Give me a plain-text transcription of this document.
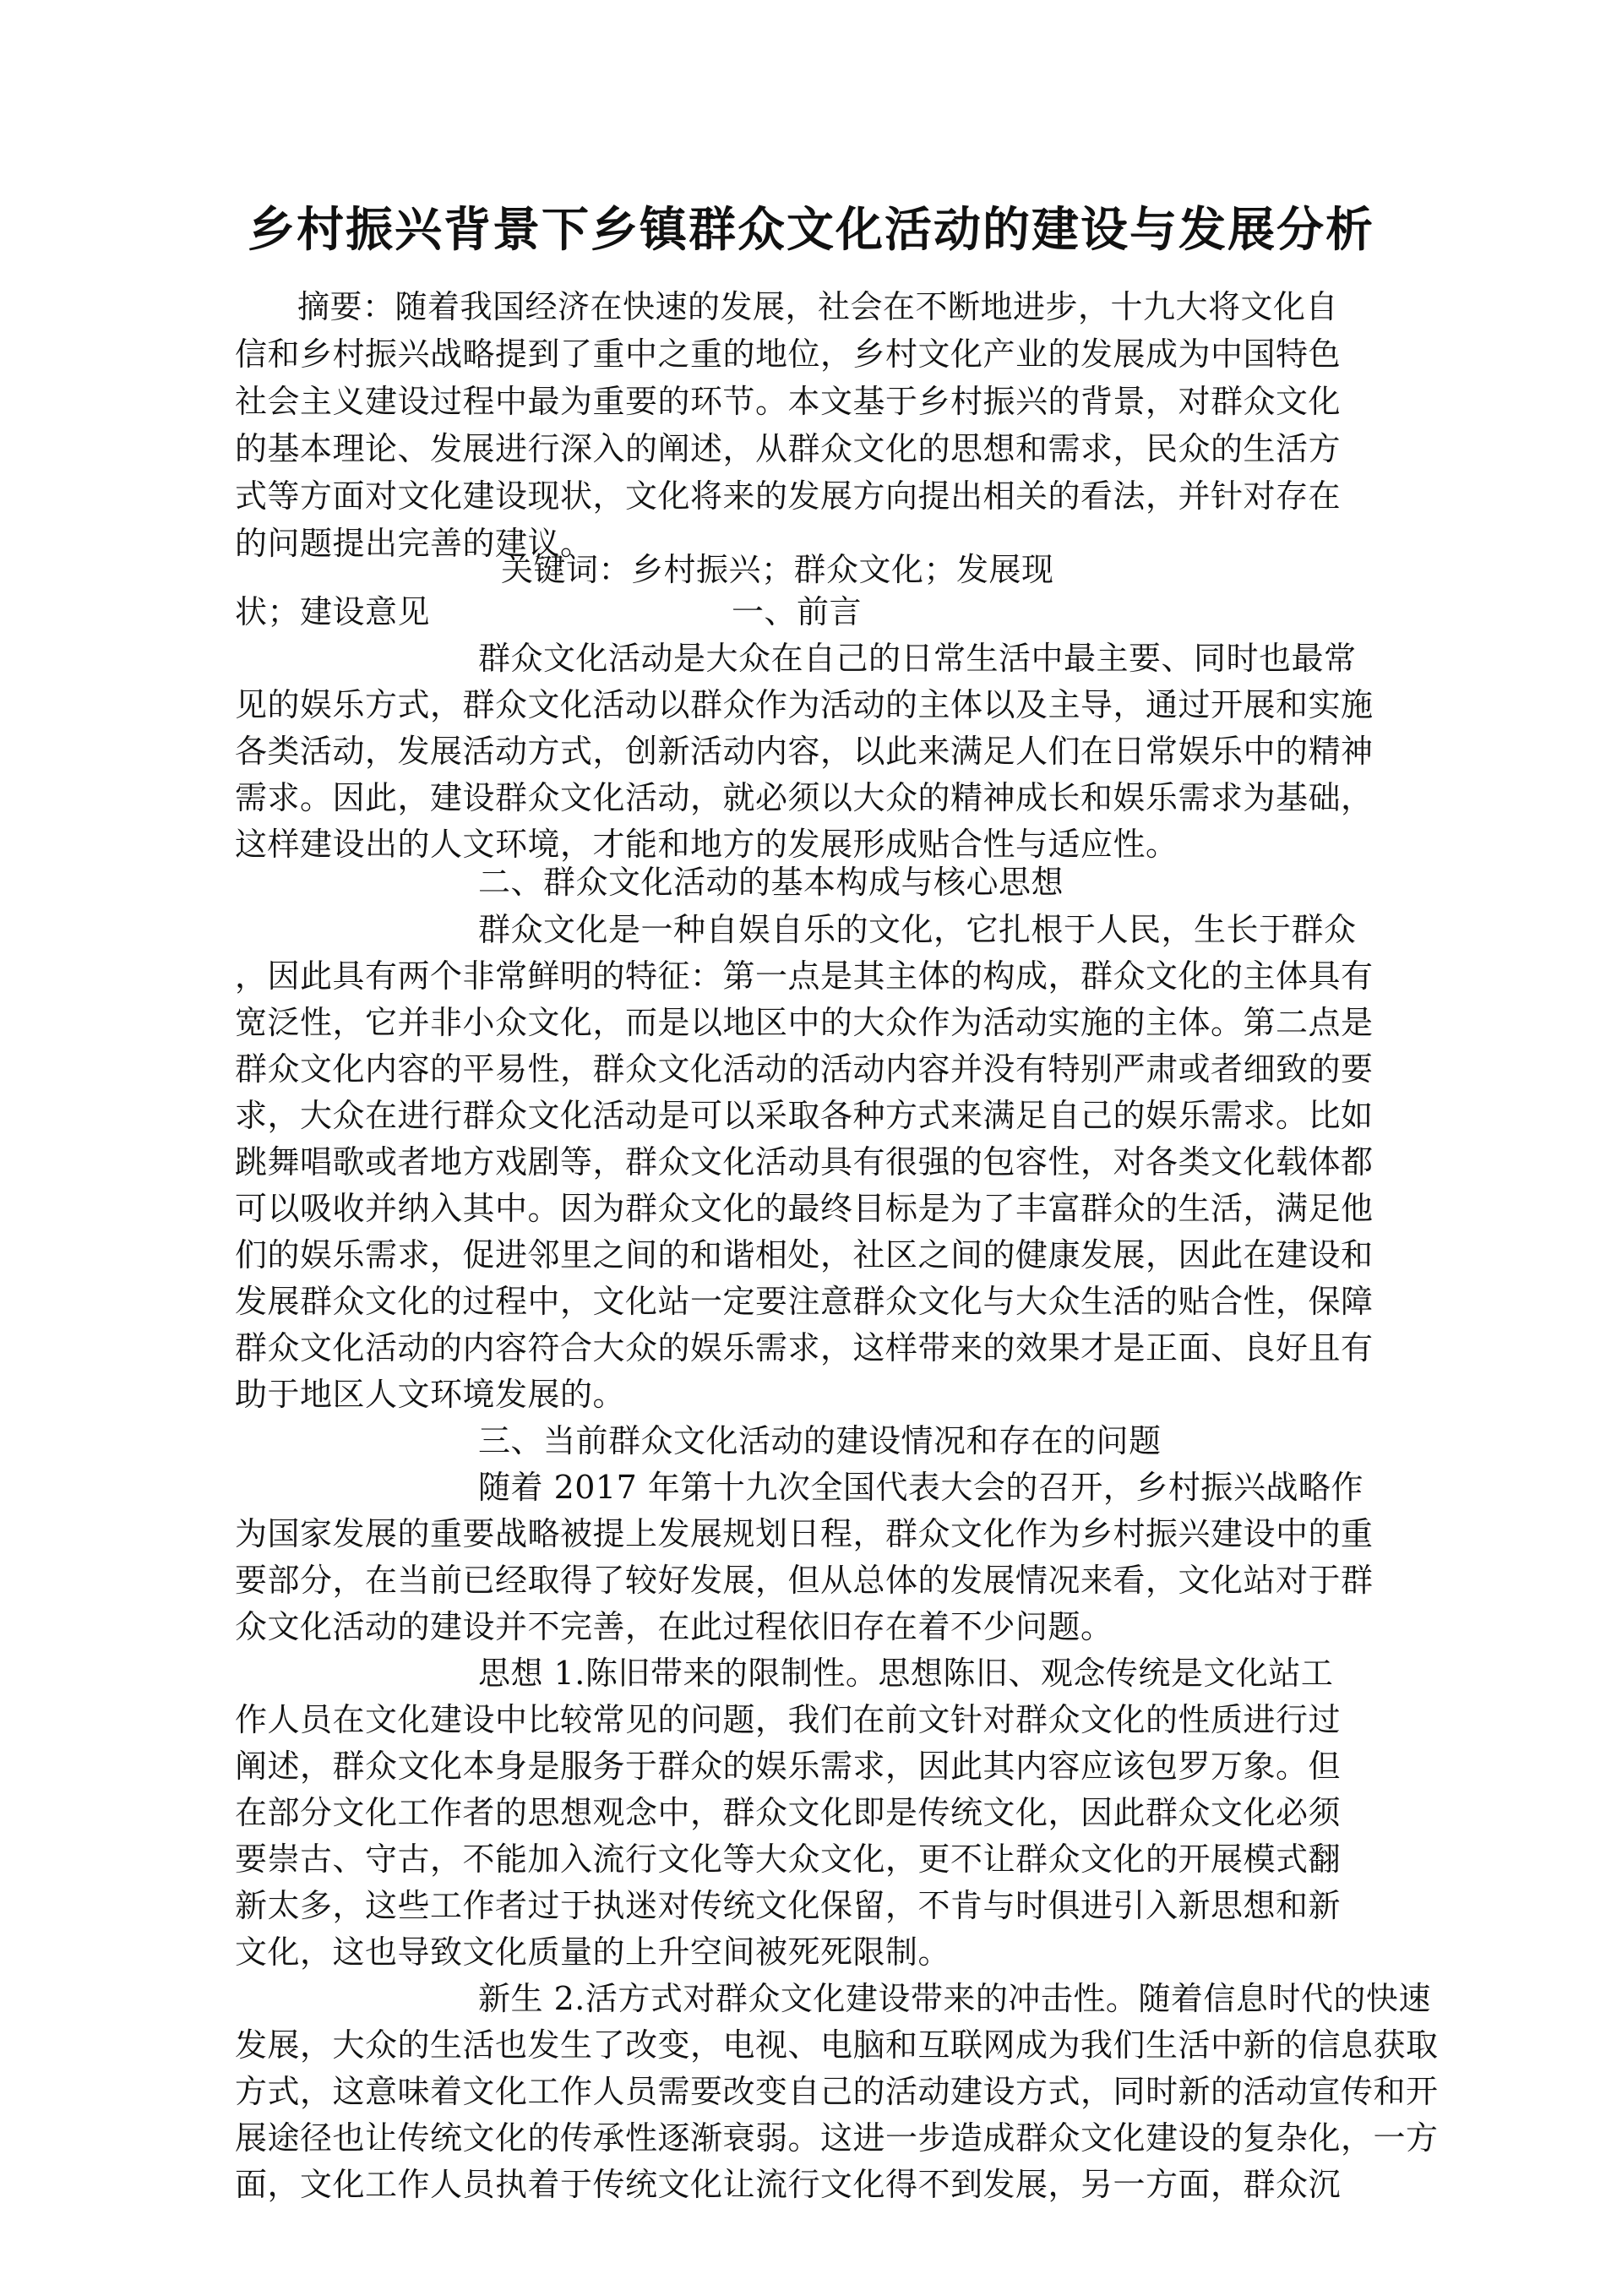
乡村振兴背景下乡镇群众文化活动的建设与发展分析
摘要：随着我国经济在快速的发展，社会在不断地进步，十九大将文化自
信和乡村振兴战略提到了重中之重的地位，乡村文化产业的发展成为中国特色
社会主义建设过程中最为重要的环节。本文基于乡村振兴的背景，对群众文化
的基本理论、发展进行深入的阐述，从群众文化的思想和需求，民众的生活方
式等方面对文化建设现状，文化将来的发展方向提出相关的看法，并针对存在
的问题提出完善的建议。
关键词：乡村振兴；群众文化；发展现
状；建设意见	一、前言
群众文化活动是大众在自己的日常生活中最主要、同时也最常
见的娱乐方式，群众文化活动以群众作为活动的主体以及主导，通过开展和实施
各类活动，发展活动方式，创新活动内容，以此来满足人们在日常娱乐中的精神
需求。因此，建设群众文化活动，就必须以大众的精神成长和娱乐需求为基础，
这样建设出的人文环境，才能和地方的发展形成贴合性与适应性。
二、群众文化活动的基本构成与核心思想
群众文化是一种自娱自乐的文化，它扎根于人民，生长于群众
，因此具有两个非常鲜明的特征：第一点是其主体的构成，群众文化的主体具有
宽泛性，它并非小众文化，而是以地区中的大众作为活动实施的主体。第二点是
群众文化内容的平易性，群众文化活动的活动内容并没有特别严肃或者细致的要
求，大众在进行群众文化活动是可以采取各种方式来满足自己的娱乐需求。比如
跳舞唱歌或者地方戏剧等，群众文化活动具有很强的包容性，对各类文化载体都
可以吸收并纳入其中。因为群众文化的最终目标是为了丰富群众的生活，满足他
们的娱乐需求，促进邻里之间的和谐相处，社区之间的健康发展，因此在建设和
发展群众文化的过程中，文化站一定要注意群众文化与大众生活的贴合性，保障
群众文化活动的内容符合大众的娱乐需求，这样带来的效果才是正面、良好且有
助于地区人文环境发展的。
三、当前群众文化活动的建设情况和存在的问题
随着 2017 年第十九次全国代表大会的召开，乡村振兴战略作
为国家发展的重要战略被提上发展规划日程，群众文化作为乡村振兴建设中的重
要部分，在当前已经取得了较好发展，但从总体的发展情况来看，文化站对于群
众文化活动的建设并不完善，在此过程依旧存在着不少问题。
思想 1.陈旧带来的限制性。思想陈旧、观念传统是文化站工
作人员在文化建设中比较常见的问题，我们在前文针对群众文化的性质进行过
阐述，群众文化本身是服务于群众的娱乐需求，因此其内容应该包罗万象。但
在部分文化工作者的思想观念中，群众文化即是传统文化，因此群众文化必须
要崇古、守古，不能加入流行文化等大众文化，更不让群众文化的开展模式翻
新太多，这些工作者过于执迷对传统文化保留，不肯与时俱进引入新思想和新
文化，这也导致文化质量的上升空间被死死限制。
新生 2.活方式对群众文化建设带来的冲击性。随着信息时代的快速
发展，大众的生活也发生了改变，电视、电脑和互联网成为我们生活中新的信息获取
方式，这意味着文化工作人员需要改变自己的活动建设方式，同时新的活动宣传和开
展途径也让传统文化的传承性逐渐衰弱。这进一步造成群众文化建设的复杂化，一方
面，文化工作人员执着于传统文化让流行文化得不到发展，另一方面，群众沉
